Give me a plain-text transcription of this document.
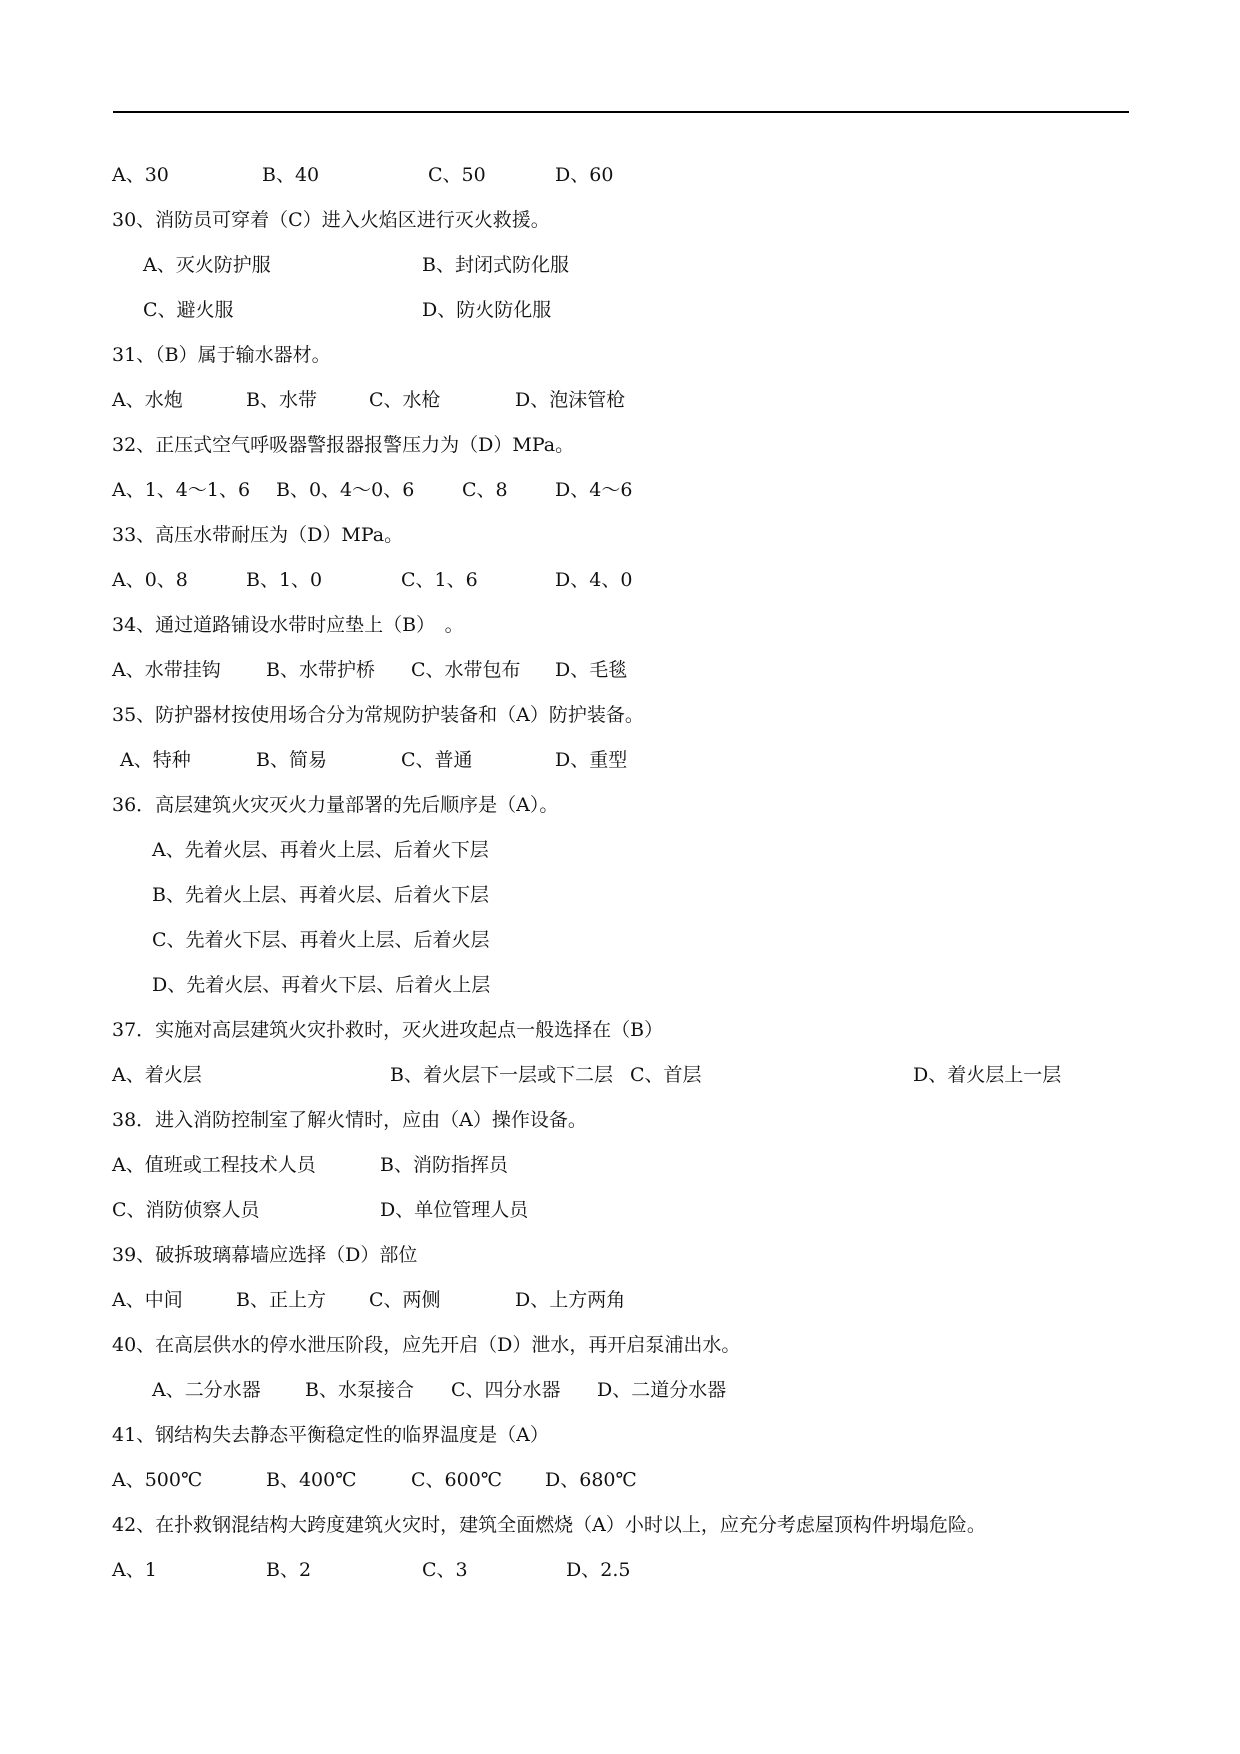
A、30	B、40	C、50	D、60
30、消防员可穿着（C）进入火焰区进行灭火救援。
A、灭火防护服	B、封闭式防化服
C、避火服	D、防火防化服
31、（B）属于输水器材。
A、水炮	B、水带	C、水枪	D、泡沫管枪
32、正压式空气呼吸器警报器报警压力为（D）MPa。
A、1、4～1、6 B、0、4～0、6	C、8 D、4～6
33、高压水带耐压为（D）MPa。
A、0、8	B、1、0	C、1、6	D、4、0
34、通过道路铺设水带时应垫上（B）　。
A、水带挂钩 B、水带护桥 C、水带包布 D、毛毯
35、防护器材按使用场合分为常规防护装备和（A）防护装备。
A、特种	B、简易	C、普通	D、重型
36．高层建筑火灾灭火力量部署的先后顺序是（A）。
A、先着火层、再着火上层、后着火下层
B、先着火上层、再着火层、后着火下层
C、先着火下层、再着火上层、后着火层
D、先着火层、再着火下层、后着火上层
37．实施对高层建筑火灾扑救时，灭火进攻起点一般选择在（B）
A、着火层	B、着火层下一层或下二层 C、首层	D、着火层上一层
38．进入消防控制室了解火情时，应由（A）操作设备。
A、值班或工程技术人员	B、消防指挥员
C、消防侦察人员	D、单位管理人员
39、破拆玻璃幕墙应选择（D）部位
A、中间	B、正上方 C、两侧	D、上方两角
40、在高层供水的停水泄压阶段，应先开启（D）泄水，再开启泵浦出水。
A、二分水器 B、水泵接合 C、四分水器 D、二道分水器
41、钢结构失去静态平衡稳定性的临界温度是（A）
A、500℃	B、400℃	C、600℃ D、680℃
42、在扑救钢混结构大跨度建筑火灾时，建筑全面燃烧（A）小时以上，应充分考虑屋顶构件坍塌危险。
A、1	B、2	C、3	D、2.5
